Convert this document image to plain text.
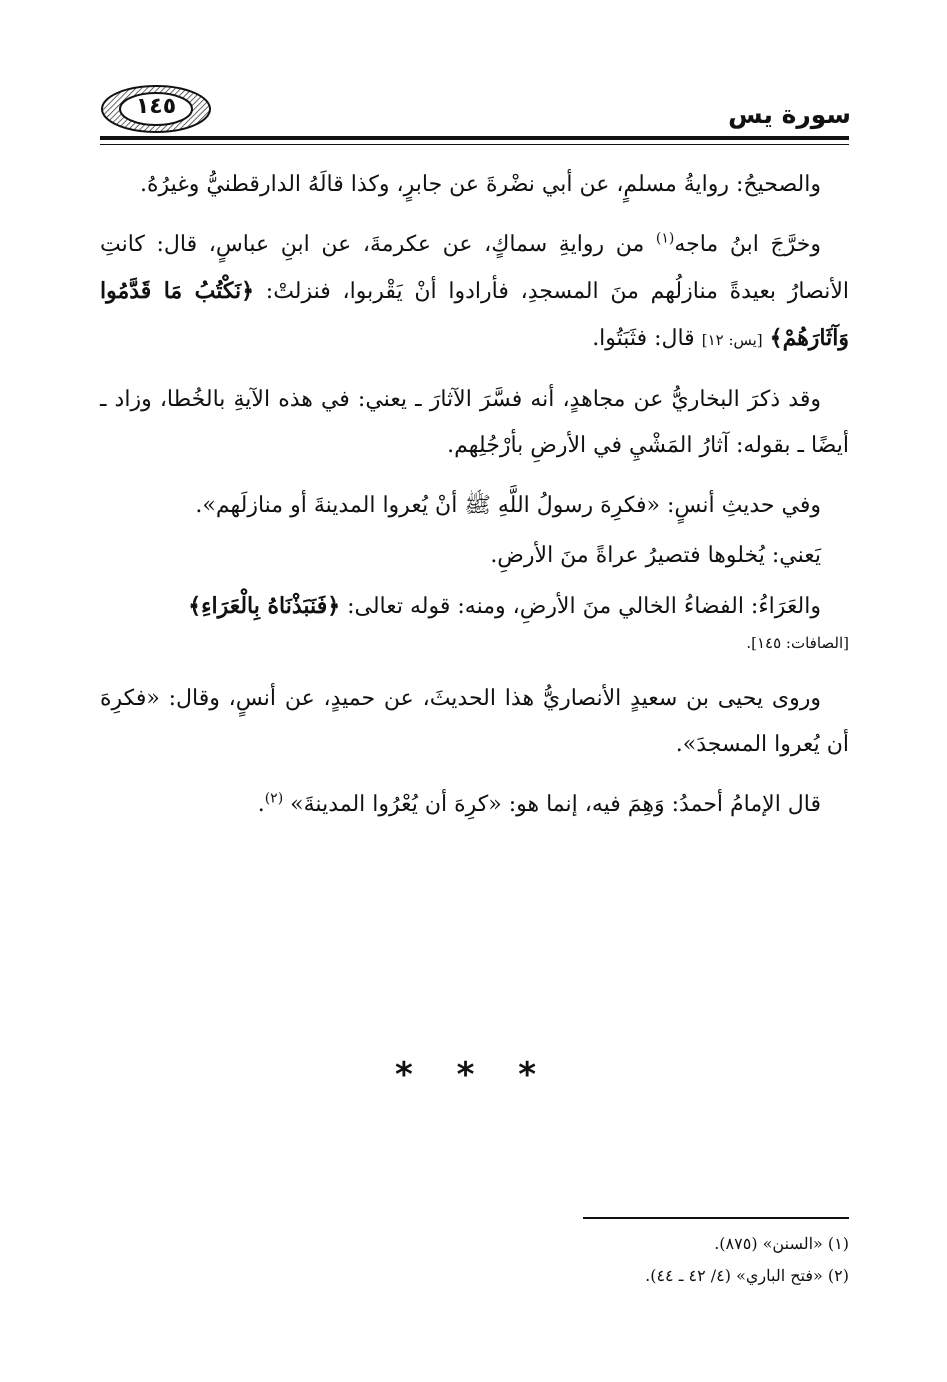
سورة يس
١٤٥

والصحيحُ: روايةُ مسلمٍ، عن أبي نضْرةَ عن جابرٍ، وكذا قالَهُ الدارقطنيُّ وغيرُهُ.

وخرَّجَ ابنُ ماجه$^{(١)}$ من روايةِ سماكٍ، عن عكرمةَ، عن ابنِ عباسٍ، قال: كانتِ الأنصارُ بعيدةً منازلُهم منَ المسجدِ، فأرادوا أنْ يَقْربوا، فنزلتْ: ﴿نَكْتُبُ مَا قَدَّمُوا وَآثَارَهُمْ﴾ [يس: ١٢] قال: فثَبَتُوا.

وقد ذكرَ البخاريُّ عن مجاهدٍ، أنه فسَّرَ الآثارَ ـ يعني: في هذه الآيةِ بالخُطا، وزاد ـ أيضًا ـ بقوله: آثارُ المَشْيِ في الأرضِ بأرْجُلِهم.

وفي حديثِ أنسٍ: «فكرِهَ رسولُ اللَّهِ ﷺ أنْ يُعروا المدينةَ أو منازلَهم».

يَعني: يُخلوها فتصيرُ عراةً منَ الأرضِ.

والعَرَاءُ: الفضاءُ الخالي منَ الأرضِ، ومنه: قوله تعالى: ﴿فَنَبَذْنَاهُ بِالْعَرَاءِ﴾

[الصافات: ١٤٥].

وروى يحيى بن سعيدٍ الأنصاريُّ هذا الحديثَ، عن حميدٍ، عن أنسٍ، وقال: «فكرِهَ أن يُعروا المسجدَ».

قال الإمامُ أحمدُ: وَهِمَ فيه، إنما هو: «كرِهَ أن يُعْرُوا المدينةَ» $^{(٢)}$.

* * *
(١) «السنن» (٨٧٥).
(٢) «فتح الباري» (٤/ ٤٢ ـ ٤٤).
